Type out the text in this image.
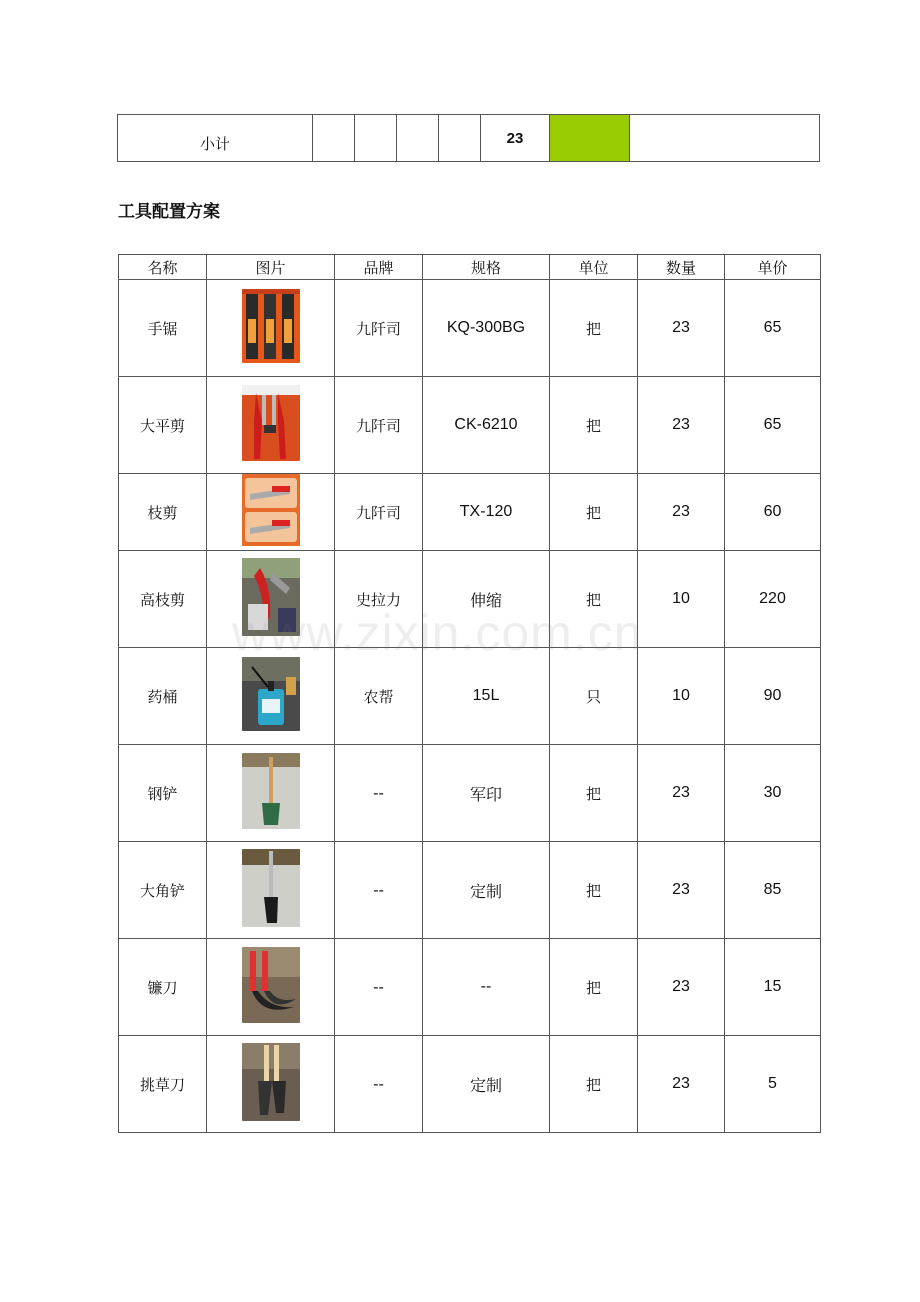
小计					23		
工具配置方案
名称	图片	品牌	规格	单位	数量	单价
手锯		九阡司	KQ-300BG	把	23	65
大平剪		九阡司	CK-6210	把	23	65
枝剪		九阡司	TX-120	把	23	60
高枝剪		史拉力	伸缩	把	10	220
药桶		农帮	15L	只	10	90
钢铲		--	军印	把	23	30
大角铲		--	定制	把	23	85
镰刀		--	--	把	23	15
挑草刀		--	定制	把	23	5
www.zixin.com.cn
